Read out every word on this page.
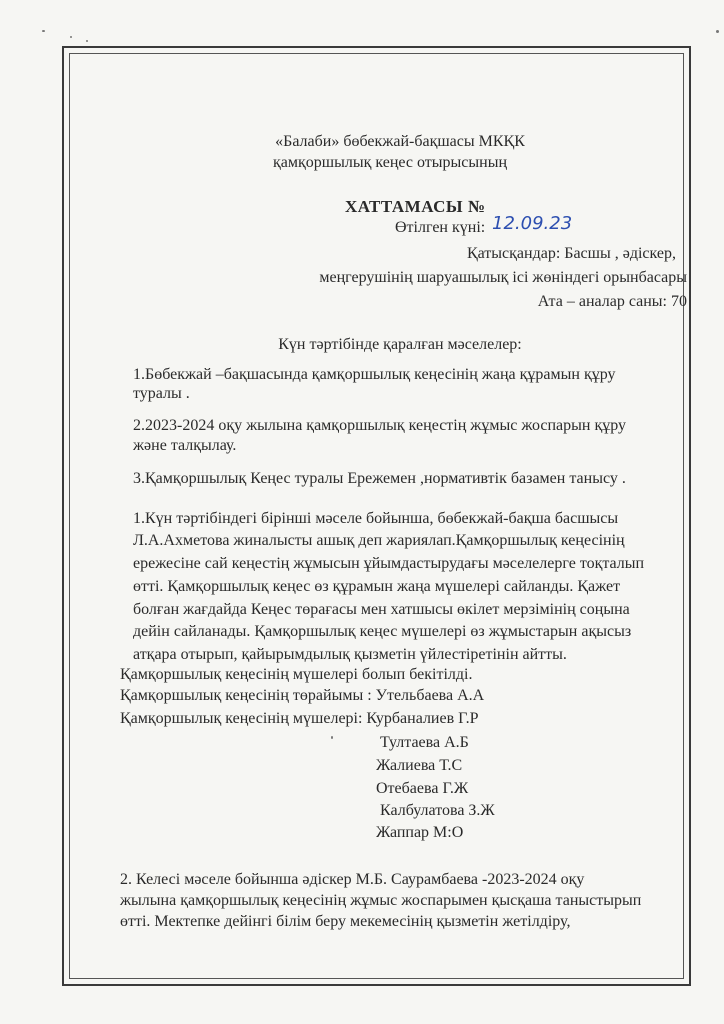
«Балаби» бөбекжай-бақшасы МКҚК
қамқоршылық кеңес отырысының
ХАТТАМАСЫ №
Өтілген күні: 12.09.23
Қатысқандар: Басшы , әдіскер,
меңгерушінің шаруашылық ісі жөніндегі орынбасары
Ата – аналар саны: 70
Күн тәртібінде қаралған мәселелер:
1.Бөбекжай –бақшасында қамқоршылық кеңесінің жаңа құрамын құру
туралы .
2.2023-2024 оқу жылына қамқоршылық кеңестің жұмыс жоспарын құру
және талқылау.
3.Қамқоршылық Кеңес туралы Ережемен ,нормативтік базамен танысу .
1.Күн тәртібіндегі бірінші мәселе бойынша, бөбекжай-бақша басшысы
Л.А.Ахметова жиналысты ашық деп жариялап.Қамқоршылық кеңесінің
ережесіне сай кеңестің жұмысын ұйымдастырудағы мәселелерге тоқталып
өтті. Қамқоршылық кеңес өз құрамын жаңа мүшелері сайланды. Қажет
болған жағдайда Кеңес төрағасы мен хатшысы өкілет мерзімінің соңына
дейін сайланады. Қамқоршылық кеңес мүшелері өз жұмыстарын ақысыз
атқара отырып, қайырымдылық қызметін үйлестіретінін айтты.
Қамқоршылық кеңесінің мүшелері болып бекітілді.
Қамқоршылық кеңесінің төрайымы : Утельбаева А.А
Қамқоршылық кеңесінің мүшелері: Курбаналиев Г.Р
Тултаева А.Б
Жалиева Т.С
Отебаева Г.Ж
Калбулатова З.Ж
Жаппар М:О
2. Келесі мәселе бойынша әдіскер М.Б. Саурамбаева -2023-2024 оқу
жылына қамқоршылық кеңесінің жұмыс жоспарымен қысқаша таныстырып
өтті. Мектепке дейінгі білім беру мекемесінің қызметін жетілдіру,
